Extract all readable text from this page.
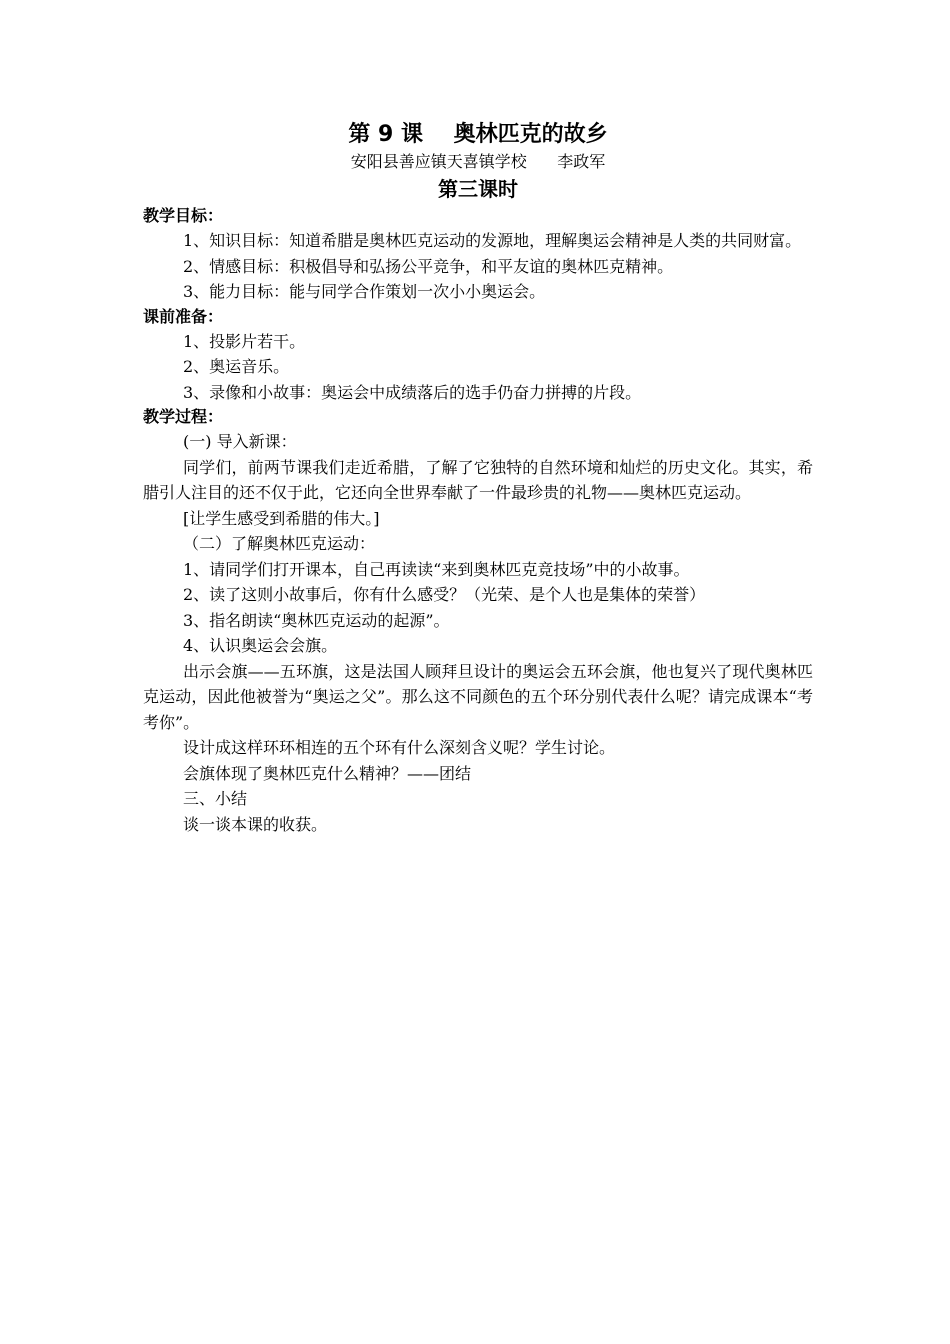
第 9 课    奥林匹克的故乡

安阳县善应镇天喜镇学校      李政军

第三课时

教学目标：

1、知识目标：知道希腊是奥林匹克运动的发源地，理解奥运会精神是人类的共同财富。

2、情感目标：积极倡导和弘扬公平竞争，和平友谊的奥林匹克精神。

3、能力目标：能与同学合作策划一次小小奥运会。

课前准备：

1、投影片若干。

2、奥运音乐。

3、录像和小故事：奥运会中成绩落后的选手仍奋力拼搏的片段。

教学过程：

(一) 导入新课：

同学们，前两节课我们走近希腊，了解了它独特的自然环境和灿烂的历史文化。其实，希腊引人注目的还不仅于此，它还向全世界奉献了一件最珍贵的礼物——奥林匹克运动。

[让学生感受到希腊的伟大。]

（二）了解奥林匹克运动：

1、请同学们打开课本，自己再读读“来到奥林匹克竞技场”中的小故事。

2、读了这则小故事后，你有什么感受？（光荣、是个人也是集体的荣誉）

3、指名朗读“奥林匹克运动的起源”。

4、认识奥运会会旗。

出示会旗——五环旗，这是法国人顾拜旦设计的奥运会五环会旗，他也复兴了现代奥林匹克运动，因此他被誉为“奥运之父”。那么这不同颜色的五个环分别代表什么呢？请完成课本“考考你”。

设计成这样环环相连的五个环有什么深刻含义呢？学生讨论。

会旗体现了奥林匹克什么精神？——团结

三、小结

谈一谈本课的收获。
